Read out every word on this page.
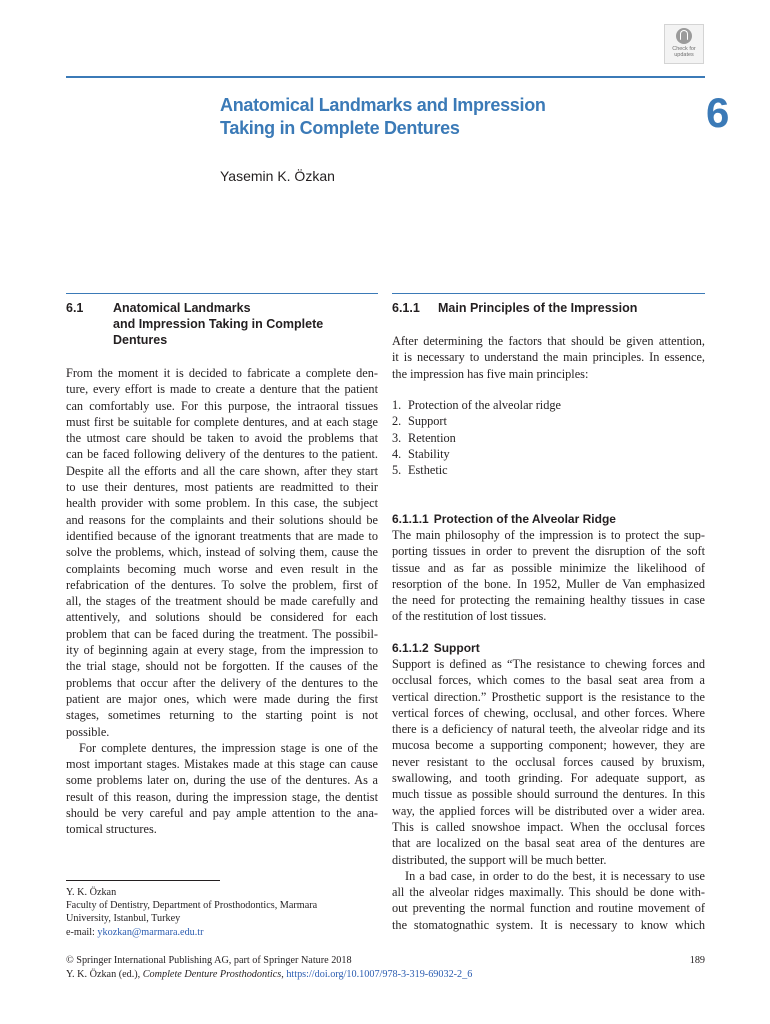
Check for
updates
Anatomical Landmarks and Impression
Taking in Complete Dentures	6
Yasemin K. Özkan
6.1 Anatomical Landmarks
and Impression Taking in Complete
Dentures
From the moment it is decided to fabricate a complete den-
ture, every effort is made to create a denture that the patient
can comfortably use. For this purpose, the intraoral tissues
must first be suitable for complete dentures, and at each stage
the utmost care should be taken to avoid the problems that
can be faced following delivery of the dentures to the patient.
Despite all the efforts and all the care shown, after they start
to use their dentures, most patients are readmitted to their
health provider with some problem. In this case, the subject
and reasons for the complaints and their solutions should be
identified because of the ignorant treatments that are made to
solve the problems, which, instead of solving them, cause the
complaints becoming much worse and even result in the
refabrication of the dentures. To solve the problem, first of
all, the stages of the treatment should be made carefully and
attentively, and solutions should be considered for each
problem that can be faced during the treatment. The possibil-
ity of beginning again at every stage, from the impression to
the trial stage, should not be forgotten. If the causes of the
problems that occur after the delivery of the dentures to the
patient are major ones, which were made during the first
stages, sometimes returning to the starting point is not
possible.
For complete dentures, the impression stage is one of the
most important stages. Mistakes made at this stage can cause
some problems later on, during the use of the dentures. As a
result of this reason, during the impression stage, the dentist
should be very careful and pay ample attention to the ana-
tomical structures.
6.1.1 Main Principles of the Impression
After determining the factors that should be given attention,
it is necessary to understand the main principles. In essence,
the impression has five main principles:
1. Protection of the alveolar ridge
2. Support
3. Retention
4. Stability
5. Esthetic
6.1.1.1 Protection of the Alveolar Ridge
The main philosophy of the impression is to protect the sup-
porting tissues in order to prevent the disruption of the soft
tissue and as far as possible minimize the likelihood of
resorption of the bone. In 1952, Muller de Van emphasized
the need for protecting the remaining healthy tissues in case
of the restitution of lost tissues.
6.1.1.2 Support
Support is defined as “The resistance to chewing forces and
occlusal forces, which comes to the basal seat area from a
vertical direction.” Prosthetic support is the resistance to the
vertical forces of chewing, occlusal, and other forces. Where
there is a deficiency of natural teeth, the alveolar ridge and its
mucosa become a supporting component; however, they are
never resistant to the occlusal forces caused by bruxism,
swallowing, and tooth grinding. For adequate support, as
much tissue as possible should surround the dentures. In this
way, the applied forces will be distributed over a wider area.
This is called snowshoe impact. When the occlusal forces
that are localized on the basal seat area of the dentures are
distributed, the support will be much better.
In a bad case, in order to do the best, it is necessary to use
all the alveolar ridges maximally. This should be done with-
out preventing the normal function and routine movement of
the stomatognathic system. It is necessary to know which
Y. K. Özkan
Faculty of Dentistry, Department of Prosthodontics, Marmara
University, Istanbul, Turkey
e-mail: ykozkan@marmara.edu.tr
© Springer International Publishing AG, part of Springer Nature 2018
Y. K. Özkan (ed.), Complete Denture Prosthodontics, https://doi.org/10.1007/978-3-319-69032-2_6
189
